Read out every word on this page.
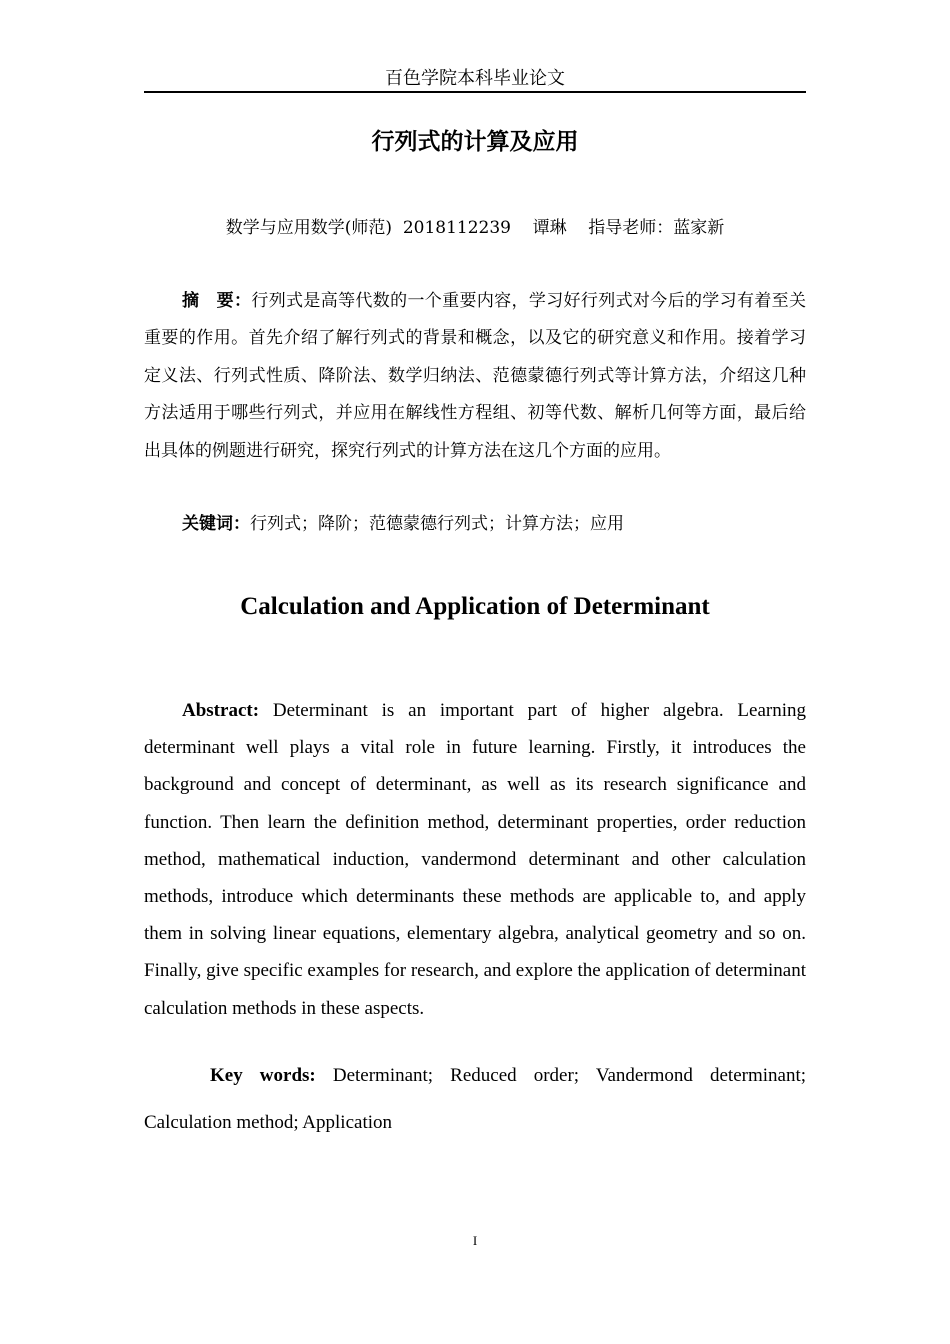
百色学院本科毕业论文
行列式的计算及应用
数学与应用数学(师范)  2018112239    谭琳    指导老师：蓝家新

摘　要：行列式是高等代数的一个重要内容，学习好行列式对今后的学习有着至关重要的作用。首先介绍了解行列式的背景和概念，以及它的研究意义和作用。接着学习定义法、行列式性质、降阶法、数学归纳法、范德蒙德行列式等计算方法，介绍这几种方法适用于哪些行列式，并应用在解线性方程组、初等代数、解析几何等方面，最后给出具体的例题进行研究，探究行列式的计算方法在这几个方面的应用。

关键词：行列式；降阶；范德蒙德行列式；计算方法；应用

Calculation and Application of Determinant

Abstract: Determinant is an important part of higher algebra. Learning determinant well plays a vital role in future learning. Firstly, it introduces the background and concept of determinant, as well as its research significance and function. Then learn the definition method, determinant properties, order reduction method, mathematical induction, vandermond determinant and other calculation methods, introduce which determinants these methods are applicable to, and apply them in solving linear equations, elementary algebra, analytical geometry and so on. Finally, give specific examples for research, and explore the application of determinant calculation methods in these aspects.

Key words: Determinant; Reduced order; Vandermond determinant; Calculation method; Application

I
